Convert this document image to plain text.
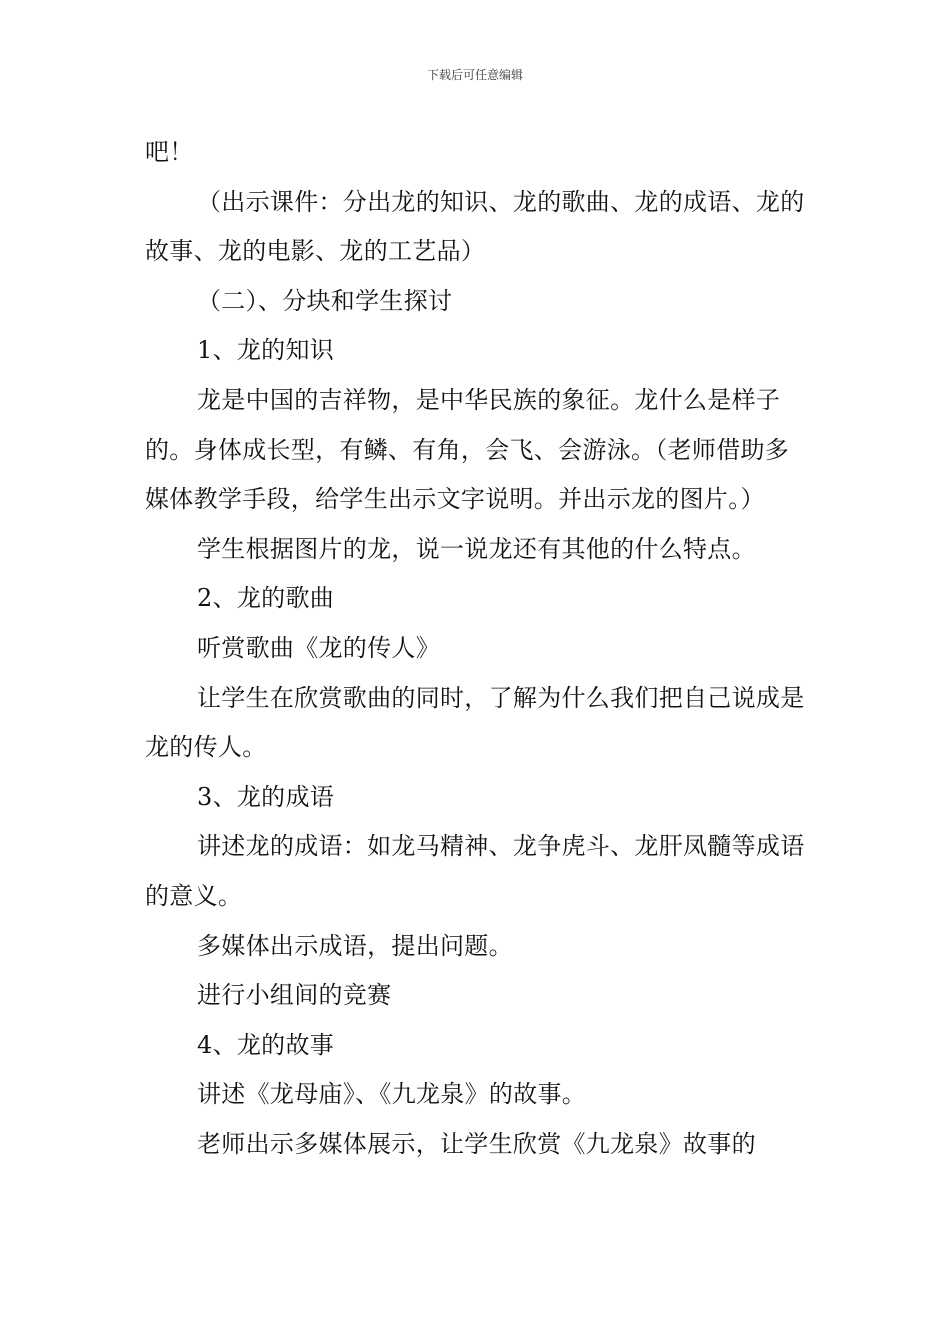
下载后可任意编辑

吧！

（出示课件：分出龙的知识、龙的歌曲、龙的成语、龙的故事、龙的电影、龙的工艺品）

（二）、分块和学生探讨

1、龙的知识

龙是中国的吉祥物，是中华民族的象征。龙什么是样子的。身体成长型，有鳞、有角，会飞、会游泳。（老师借助多媒体教学手段，给学生出示文字说明。并出示龙的图片。）

学生根据图片的龙，说一说龙还有其他的什么特点。

2、龙的歌曲

听赏歌曲《龙的传人》

让学生在欣赏歌曲的同时，了解为什么我们把自己说成是龙的传人。

3、龙的成语

讲述龙的成语：如龙马精神、龙争虎斗、龙肝凤髓等成语的意义。

多媒体出示成语，提出问题。

进行小组间的竞赛

4、龙的故事

讲述《龙母庙》、《九龙泉》的故事。

老师出示多媒体展示，让学生欣赏《九龙泉》故事的
